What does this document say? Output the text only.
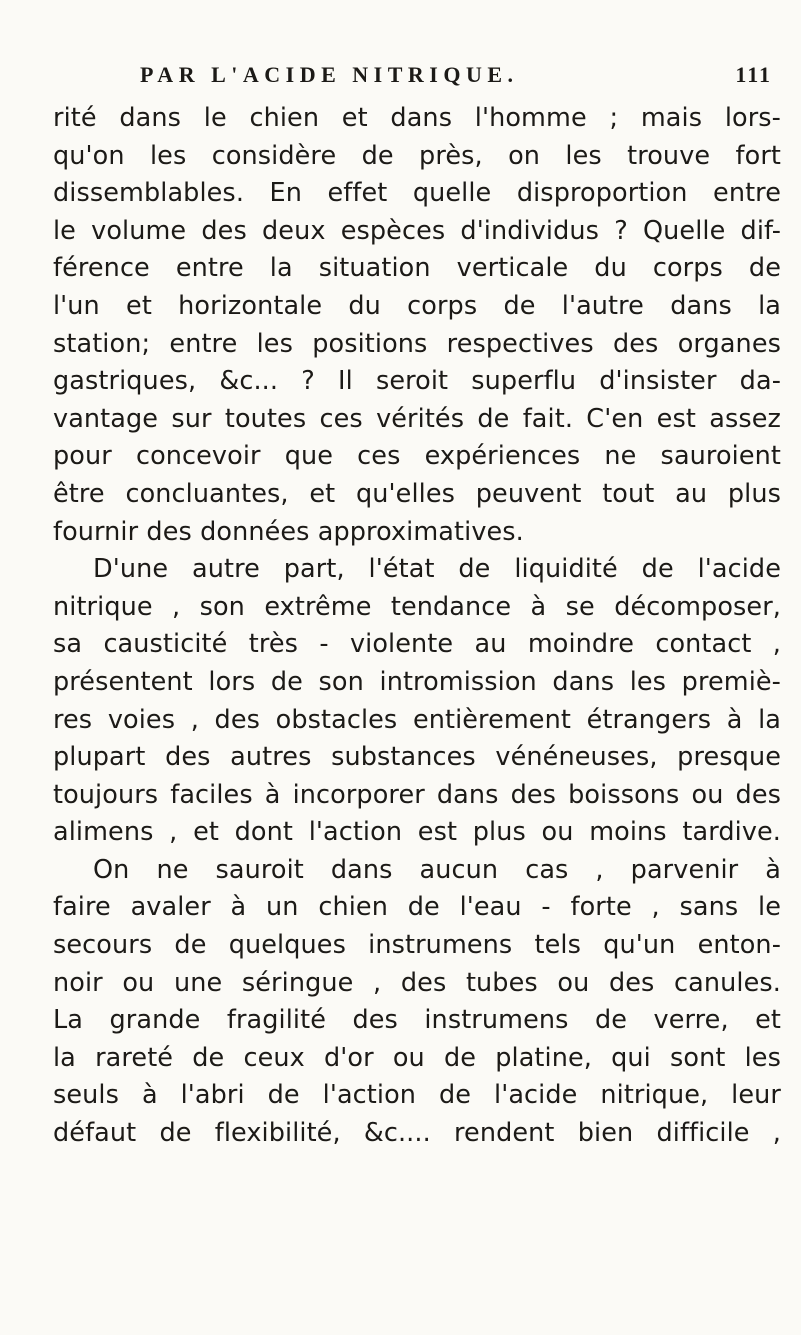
PAR L'ACIDE NITRIQUE.	111
rité dans le chien et dans l'homme ; mais lors-
qu'on les considère de près, on les trouve fort
dissemblables. En effet quelle disproportion entre
le volume des deux espèces d'individus ? Quelle dif-
férence entre la situation verticale du corps de
l'un et horizontale du corps de l'autre dans la
station; entre les positions respectives des organes
gastriques, &c... ? Il seroit superflu d'insister da-
vantage sur toutes ces vérités de fait. C'en est assez
pour concevoir que ces expériences ne sauroient
être concluantes, et qu'elles peuvent tout au plus
fournir des données approximatives.
D'une autre part, l'état de liquidité de l'acide
nitrique , son extrême tendance à se décomposer,
sa causticité très - violente au moindre contact ,
présentent lors de son intromission dans les premiè-
res voies , des obstacles entièrement étrangers à la
plupart des autres substances vénéneuses, presque
toujours faciles à incorporer dans des boissons ou des
alimens , et dont l'action est plus ou moins tardive.
On ne sauroit dans aucun cas , parvenir à
faire avaler à un chien de l'eau - forte , sans le
secours de quelques instrumens tels qu'un enton-
noir ou une séringue , des tubes ou des canules.
La grande fragilité des instrumens de verre, et
la rareté de ceux d'or ou de platine, qui sont les
seuls à l'abri de l'action de l'acide nitrique, leur
défaut de flexibilité, &c.... rendent bien difficile ,
